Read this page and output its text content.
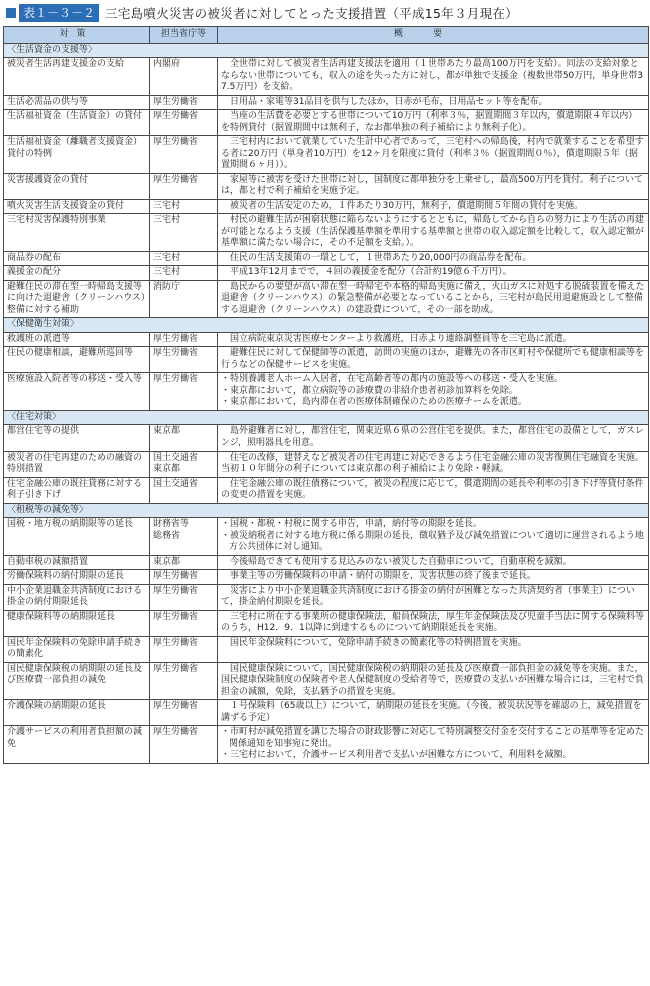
表１－３－２ 三宅島噴火災害の被災者に対してとった支援措置（平成15年３月現在）
対策	担当省庁等	概要
〈生活資金の支援等〉		
被災者生活再建支援金の支給	内閣府	全世帯に対して被災者生活再建支援法を適用（１世帯あたり最高100万円を支給）。同法の支給対象とならない世帯についても，収入の途を失った方に対し，都が単独で支援金（複数世帯50万円，単身世帯37.5万円）を支給。

生活必需品の供与等	厚生労働省	日用品・家電等31品目を供与したほか，日赤が毛布，日用品セット等を配布。

生活福祉資金（生活資金）の貸付	厚生労働省	当座の生活費を必要とする世帯について10万円（利率３％，据置期間３年以内，償還期限４年以内）を特例貸付（据置期間中は無利子，なお都単独の利子補給により無利子化）。

生活福祉資金（離職者支援資金）貸付の特例	厚生労働省	三宅村内において就業していた生計中心者であって，三宅村への帰島後，村内で就業することを希望する者に20万円（単身者10万円）を12ヶ月を限度に貸付（利率３％（据置期間０％），償還期限５年（据置期間６ヶ月））。

災害援護資金の貸付	厚生労働省	家屋等に被害を受けた世帯に対し，国制度に都単独分を上乗せし，最高500万円を貸付。利子については，都と村で利子補給を実施予定。

噴火災害生活支援資金の貸付	三宅村	被災者の生活安定のため，１件あたり30万円，無利子，償還期間５年間の貸付を実施。

三宅村災害保護特別事業	三宅村	村民の避難生活が困窮状態に陥らないようにするとともに，帰島してから自らの努力により生活の再建が可能となるよう支援（生活保護基準額を準用する基準額と世帯の収入認定額を比較して，収入認定額が基準額に満たない場合に，その不足額を支給。）。

商品券の配布	三宅村	住民の生活支援策の一環として，１世帯あたり20,000円の商品券を配布。

義援金の配分	三宅村	平成13年12月までで，４回の義援金を配分（合計約19億６千万円）。

避難住民の滞在型一時帰島支援等に向けた退避舎（クリーンハウス）整備に対する補助	消防庁	島民からの要望が高い滞在型一時帰宅や本格的帰島実施に備え，火山ガスに対処する脱硫装置を備えた退避舎（クリーンハウス）の緊急整備が必要となっていることから，三宅村が島民用退避施設として整備する退避舎（クリーンハウス）の建設費について，その一部を助成。

〈保健衛生対策〉		
救護班の派遣等	厚生労働省	国立病院東京災害医療センターより救護班，日赤より連絡調整員等を三宅島に派遣。

住民の健康相談，避難所巡回等	厚生労働省	避難住民に対して保健師等の派遣，訪問の実施のほか，避難先の各市区町村や保健所でも健康相談等を行うなどの保健サービスを実施。

医療施設入院者等の移送・受入等	厚生労働省	・特別養護老人ホーム入居者，在宅高齢者等の都内の施設等への移送・受入を実施。
・東京都において，都立病院等の診療費の非紹介患者初診加算料を免除。
・東京都において，島内滞在者の医療体制確保のための医療チームを派遣。

〈住宅対策〉		
都営住宅等の提供	東京都	島外避難者に対し，都営住宅，関東近県６県の公営住宅を提供。また，都営住宅の設備として，ガスレンジ，照明器具を用意。

被災者の住宅再建のための融資の特別措置	国土交通省
東京都	住宅の改修，建替えなど被災者の住宅再建に対応できるよう住宅金融公庫の災害復興住宅融資を実施。当初１０年間分の利子については東京都の利子補給により免除・軽減。

住宅金融公庫の既往貸務に対する利子引き下げ	国土交通省	住宅金融公庫の既往債務について，被災の程度に応じて，償還期間の延長や利率の引き下げ等貸付条件の変更の措置を実施。

〈租税等の減免等〉		
国税・地方税の納期限等の延長	財務省等
総務省	・国税・都税・村税に関する申告，申請，納付等の期限を延長。
・被災納税者に対する地方税に係る期限の延長，徴収猶予及び減免措置について適切に運営されるよう地方公共団体に対し通知。

自動車税の減額措置	東京都	今後帰島できても使用する見込みのない被災した自動車について，自動車税を減額。

労働保険料の納付期限の延長	厚生労働省	事業主等の労働保険料の申請・納付の期限を，災害状態の終了後まで延長。

中小企業退職金共済制度における掛金の納付期限延長	厚生労働省	災害により中小企業退職金共済制度における掛金の納付が困難となった共済契約者（事業主）について，掛金納付期限を延長。

健康保険料等の納期限延長	厚生労働省	三宅村に所在する事業所の健康保険法，船員保険法，厚生年金保険法及び児童手当法に関する保険料等のうち，H12．9．1以降に到達するものについて納期限延長を実施。

国民年金保険料の免除申請手続きの簡素化	厚生労働省	国民年金保険料について，免除申請手続きの簡素化等の特例措置を実施。

国民健康保険税の納期限の延長及び医療費一部負担の減免	厚生労働省	国民健康保険について，国民健康保険税の納期限の延長及び医療費一部負担金の減免等を実施。また，国民健康保険制度の保険者や老人保健制度の受給者等で，医療費の支払いが困難な場合には，三宅村で負担金の減額，免除，支払猶予の措置を実施。

介護保険の納期限の延長	厚生労働省	１号保険料（65歳以上）について，納期限の延長を実施。（今後，被災状況等を確認の上，減免措置を講ずる予定）

介護サービスの利用者負担額の減免	厚生労働省	・市町村が減免措置を講じた場合の財政影響に対応して特別調整交付金を交付することの基準等を定めた関係通知を知事宛に発出。
・三宅村において，介護サービス利用者で支払いが困難な方について，利用料を減額。
